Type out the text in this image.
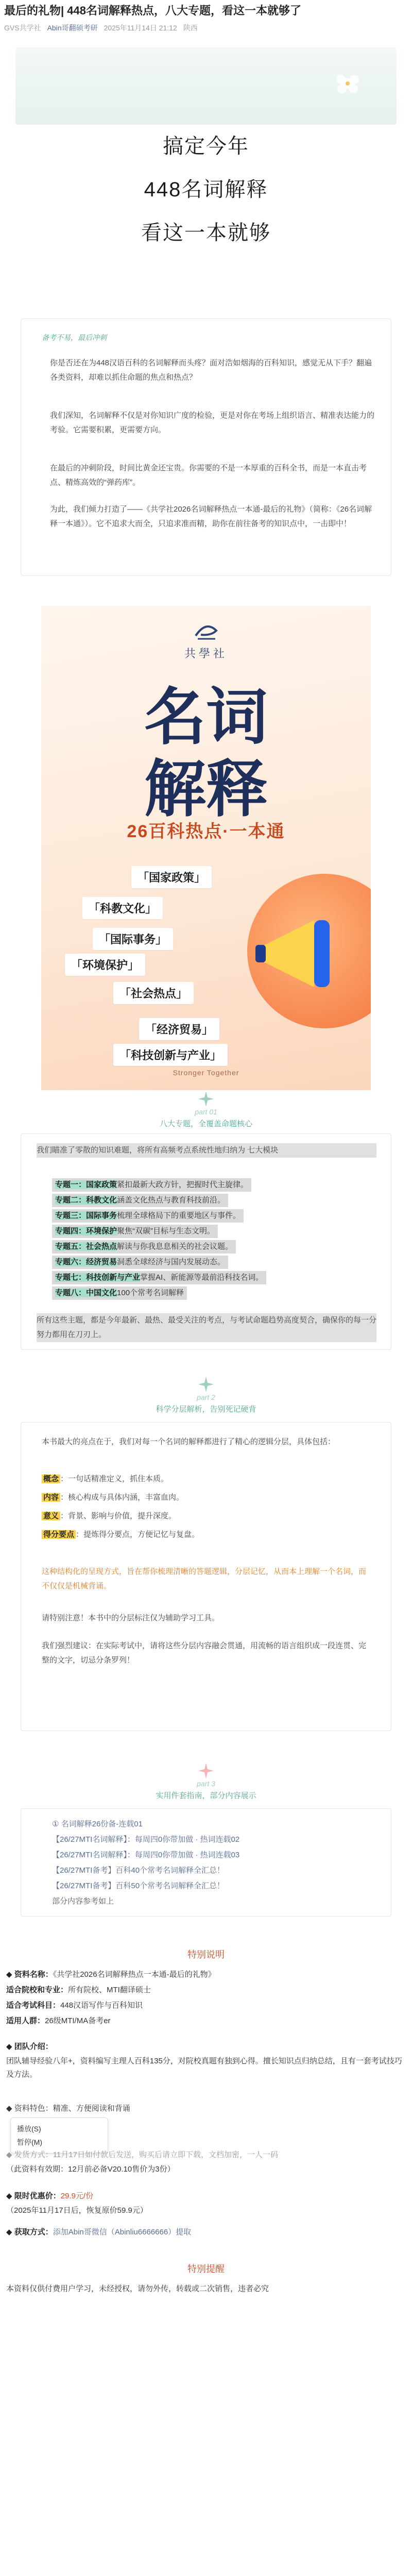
最后的礼物| 448名词解释热点，八大专题，看这一本就够了
GVS共学社 Abin哥翻硕考研 2025年11月14日 21:12 陕西
搞定今年
448名词解释
看这一本就够
备考不易，最后冲刺

你是否还在为448汉语百科的名词解释而头疼？面对浩如烟海的百科知识，感觉无从下手？翻遍各类资料，却难以抓住命题的焦点和热点？

我们深知，名词解释不仅是对你知识广度的检验，更是对你在考场上组织语言、精准表达能力的考验。它需要积累，更需要方向。

在最后的冲刺阶段，时间比黄金还宝贵。你需要的不是一本厚重的百科全书，而是一本直击考点、精炼高效的“弹药库”。

为此，我们倾力打造了——《共学社2026名词解释热点一本通-最后的礼物》（简称：《26名词解释一本通》）。它不追求大而全，只追求准而精，助你在前往备考的知识点中，一击即中！

共學社
名词
解释
26百科热点·一本通
「国家政策」
「科教文化」
「国际事务」
「环境保护」
「社会热点」
「经济贸易」
「科技创新与产业」
Stronger Together
part 01
八大专题，全覆盖命题核心
我们瞄准了零散的知识难题，将所有高频考点系统性地归纳为 七大模块
专题一：国家政策紧扣最新大政方针，把握时代主旋律。
专题二：科教文化涵盖文化热点与教育科技前沿。
专题三：国际事务梳理全球格局下的重要地区与事件。
专题四：环境保护聚焦“双碳”目标与生态文明。
专题五：社会热点解读与你我息息相关的社会议题。
专题六：经济贸易洞悉全球经济与国内发展动态。
专题七：科技创新与产业掌握AI、新能源等最前沿科技名词。
专题八：中国文化100个常考名词解释
所有这些主题，都是今年最新、最热、最受关注的考点，与考试命题趋势高度契合，确保你的每一分努力都用在刀刃上。
part 2
科学分层解析，告别死记硬背
本书最大的亮点在于，我们对每一个名词的解释都进行了精心的逻辑分层，具体包括：
概念 ：一句话精准定义，抓住本质。
内容 ：核心构成与具体内涵，丰富血肉。
意义 ：背景、影响与价值，提升深度。
得分要点 ：提炼得分要点，方便记忆与复盘。
这种结构化的呈现方式，旨在帮你梳理清晰的答题逻辑，分层记忆，从而本上理解一个名词，而不仅仅是机械背诵。
请特别注意！本书中的分层标注仅为辅助学习工具。
我们强烈建议：在实际考试中，请将这些分层内容融会贯通，用流畅的语言组织成一段连贯、完整的文字，切忌分条罗列！
part 3
实用件套指南，部分内容展示
① 名词解释26份备-连载01
【26/27MTI名词解释】：每周四0你带加做 · 热词连载02
【26/27MTI名词解释】：每周四0你带加做 · 热词连载03
【26/27MTI备考】百科40个常考名词解释全汇总！
【26/27MTI备考】百科50个常考名词解释全汇总！
部分内容参考如上
特别说明
◆ 资料名称：《共学社2026名词解释热点一本通-最后的礼物》
适合院校和专业：所有院校、MTI翻译硕士
适合考试科目：448汉语写作与百科知识
适用人群：26级MTI/MA备考er
◆ 团队介绍：
团队辅导经验八年+，资料编写主理人百科135分，对院校真题有独到心得。擅长知识点归纳总结，且有一套考试技巧及方法。
◆ 资料特色：精准、方便阅读和背诵
播放(S)
暂停(M)
◆ 发货方式：11月17日如付款后发送，购买后请立即下载，文档加密，一人一码
（此资料有效期：12月前必备V20.10售价为3份）
◆ 限时优惠价：29.9元/份
（2025年11月17日后，恢复原价59.9元）
◆ 获取方式：添加Abin哥微信（Abinliu6666666）提取
特别提醒
本资料仅供付费用户学习，未经授权，请勿外传，转载或二次销售，违者必究
